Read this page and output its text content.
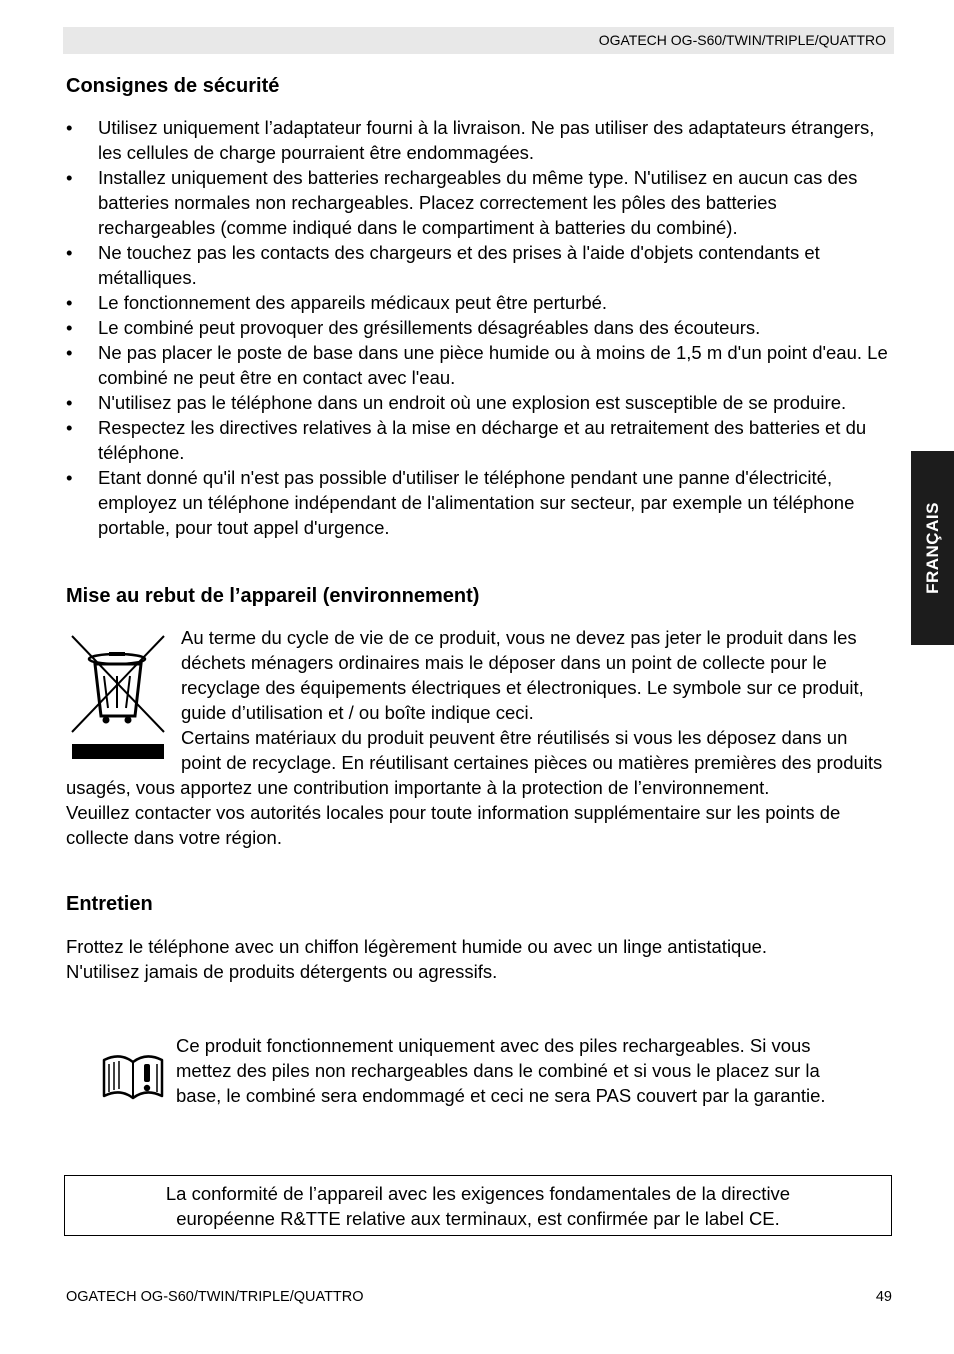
OGATECH OG-S60/TWIN/TRIPLE/QUATTRO
FRANÇAIS
Consignes de sécurité
•	Utilisez uniquement l’adaptateur fourni à la livraison. Ne pas utiliser des adaptateurs étrangers, les cellules de charge pourraient être endommagées.
•	Installez uniquement des batteries rechargeables du même type. N'utilisez en aucun cas des batteries normales non rechargeables. Placez correctement les pôles des batteries rechargeables (comme indiqué dans le compartiment à batteries du combiné).
•	Ne touchez pas les contacts des chargeurs et des prises à l'aide d'objets contendants et métalliques.
•	Le fonctionnement des appareils médicaux peut être perturbé.
•	Le combiné peut provoquer des grésillements désagréables dans des écouteurs.
•	Ne pas placer le poste de base dans une pièce humide ou à moins de 1,5 m d'un point d'eau. Le combiné ne peut être en contact avec l'eau.
•	N'utilisez pas le téléphone dans un endroit où une explosion est susceptible de se produire.
•	Respectez les directives relatives à la mise en décharge et au retraitement des batteries et du téléphone.
•	Etant donné qu'il n'est pas possible d'utiliser le téléphone pendant une panne d'électricité, employez un téléphone indépendant de l'alimentation sur secteur, par exemple un téléphone portable, pour tout appel d'urgence.
Mise au rebut de l’appareil (environnement)

Au terme du cycle de vie de ce produit, vous ne devez pas jeter le produit dans les déchets ménagers ordinaires mais le déposer dans un point de collecte pour le recyclage des équipements électriques et électroniques. Le symbole sur ce produit, guide d’utilisation et / ou boîte indique ceci.

Certains matériaux du produit peuvent être réutilisés si vous les déposez dans un point de recyclage. En réutilisant certaines pièces ou matières premières des produits usagés, vous apportez une contribution importante à la protection de l’environnement.

Veuillez contacter vos autorités locales pour toute information supplémentaire sur les points de collecte dans votre région.

Entretien

Frottez le téléphone avec un chiffon légèrement humide ou avec un linge antistatique.
N'utilisez jamais de produits détergents ou agressifs.

Ce produit fonctionnement uniquement avec des piles rechargeables. Si vous mettez des piles non rechargeables dans le combiné et si vous le placez sur la base, le combiné sera endommagé et ceci ne sera PAS couvert par la garantie.

La conformité de l’appareil avec les exigences fondamentales de la directive
européenne R&TTE relative aux terminaux, est confirmée par le label CE.
OGATECH OG-S60/TWIN/TRIPLE/QUATTRO	49
